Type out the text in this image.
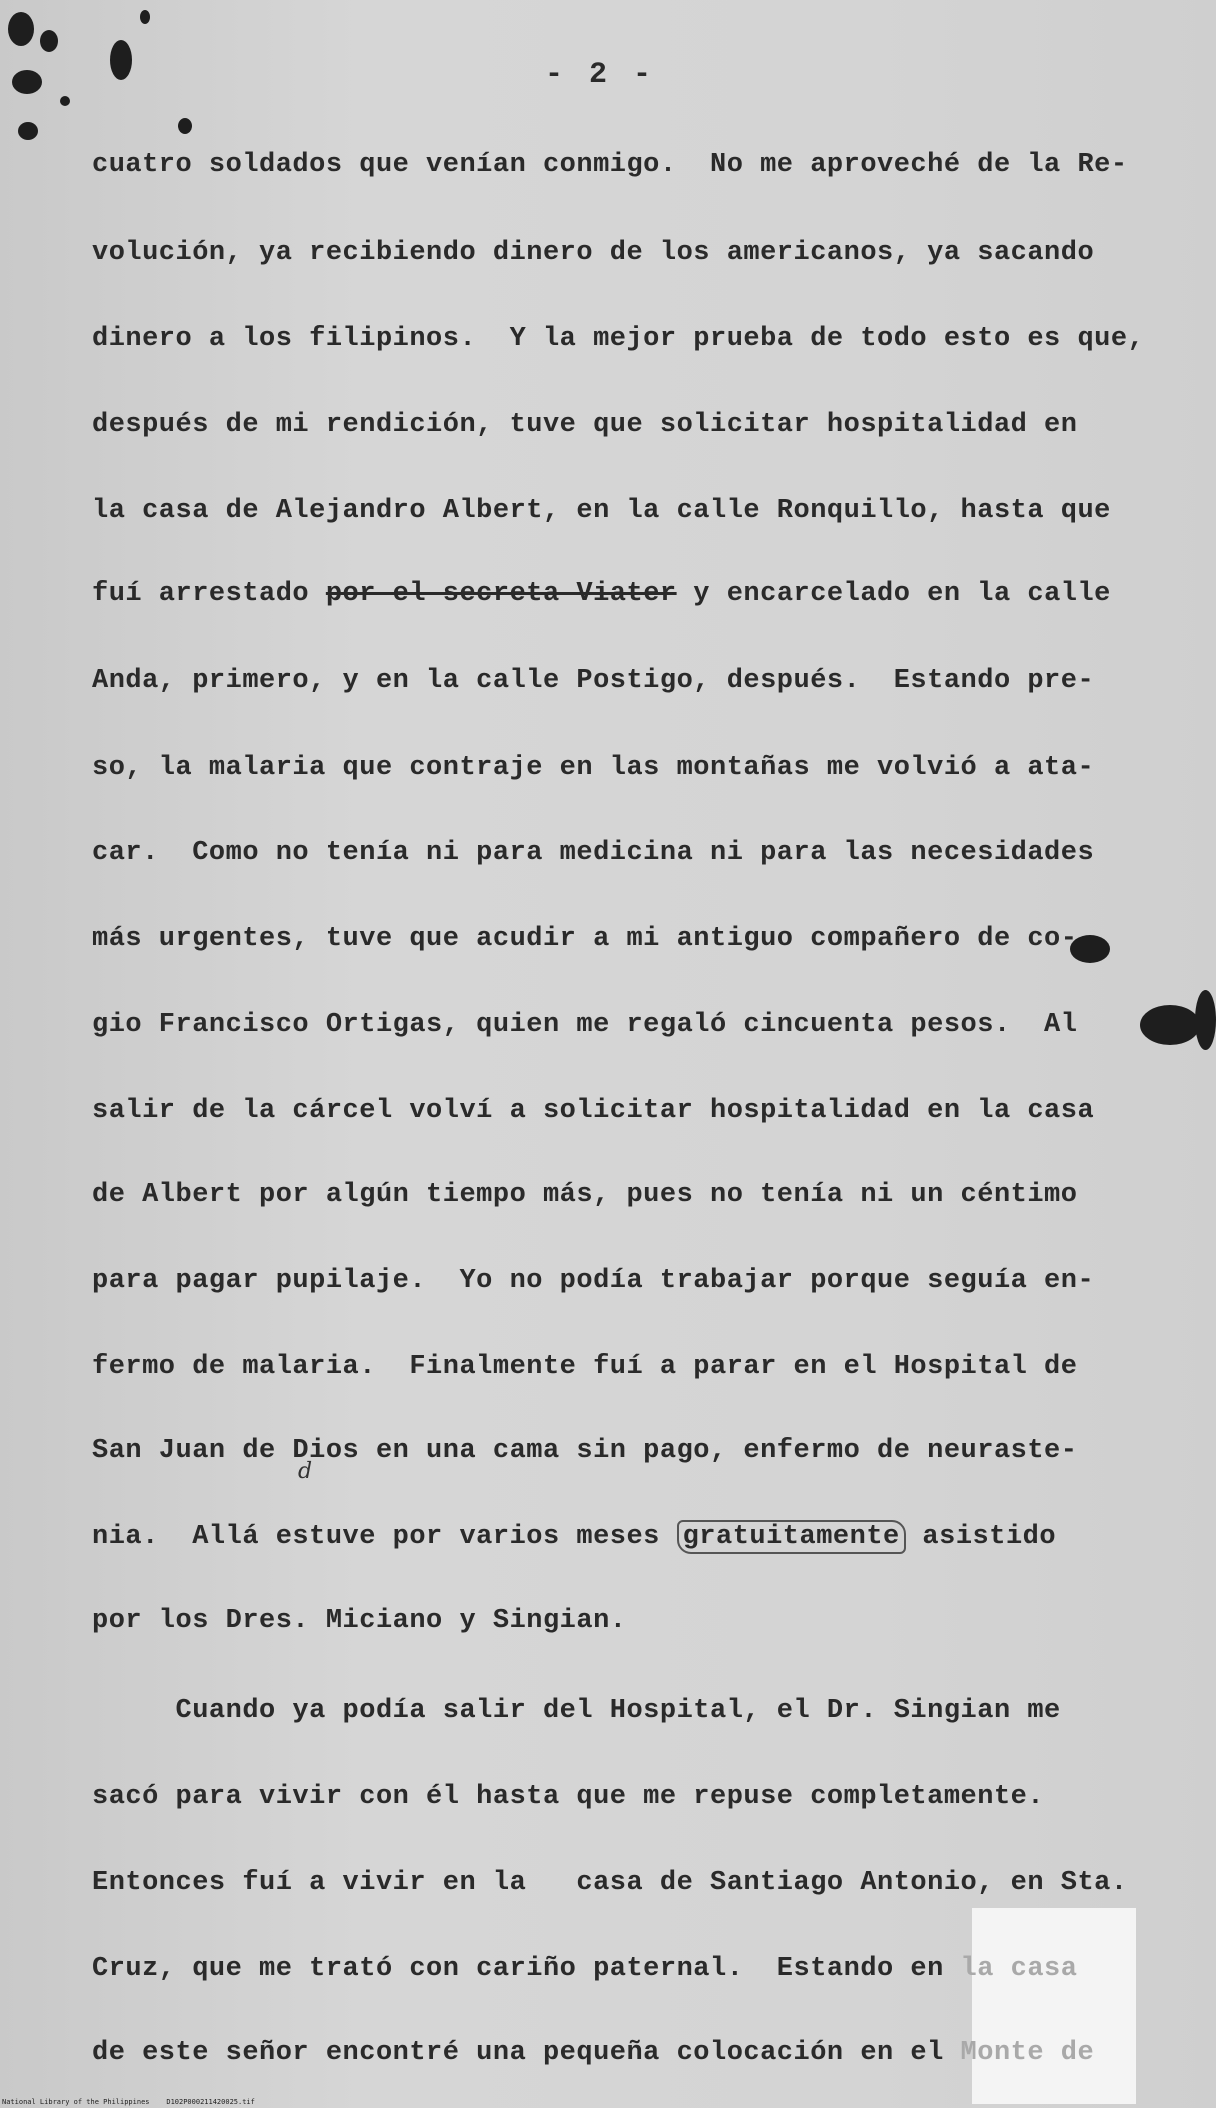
- 2 -
cuatro soldados que venían conmigo.  No me aproveché de la Re-
volución, ya recibiendo dinero de los americanos, ya sacando
dinero a los filipinos.  Y la mejor prueba de todo esto es que,
después de mi rendición, tuve que solicitar hospitalidad en
la casa de Alejandro Albert, en la calle Ronquillo, hasta que
fuí arrestado por el secreta Viater y encarcelado en la calle
Anda, primero, y en la calle Postigo, después.  Estando pre-
so, la malaria que contraje en las montañas me volvió a ata-
car.  Como no tenía ni para medicina ni para las necesidades
más urgentes, tuve que acudir a mi antiguo compañero de co-
gio Francisco Ortigas, quien me regaló cincuenta pesos.  Al
salir de la cárcel volví a solicitar hospitalidad en la casa
de Albert por algún tiempo más, pues no tenía ni un céntimo
para pagar pupilaje.  Yo no podía trabajar porque seguía en-
fermo de malaria.  Finalmente fuí a parar en el Hospital de
San Juan de Dios en una cama sin pago, enfermo de neuraste-
d
nia.  Allá estuve por varios meses gratuitamente asistido
por los Dres. Miciano y Singian.
Cuando ya podía salir del Hospital, el Dr. Singian me
sacó para vivir con él hasta que me repuse completamente.
Entonces fuí a vivir en la   casa de Santiago Antonio, en Sta.
Cruz, que me trató con cariño paternal.  Estando en la casa
de este señor encontré una pequeña colocación en el Monte de
National Library of the Philippines    D102P000211420025.tif
